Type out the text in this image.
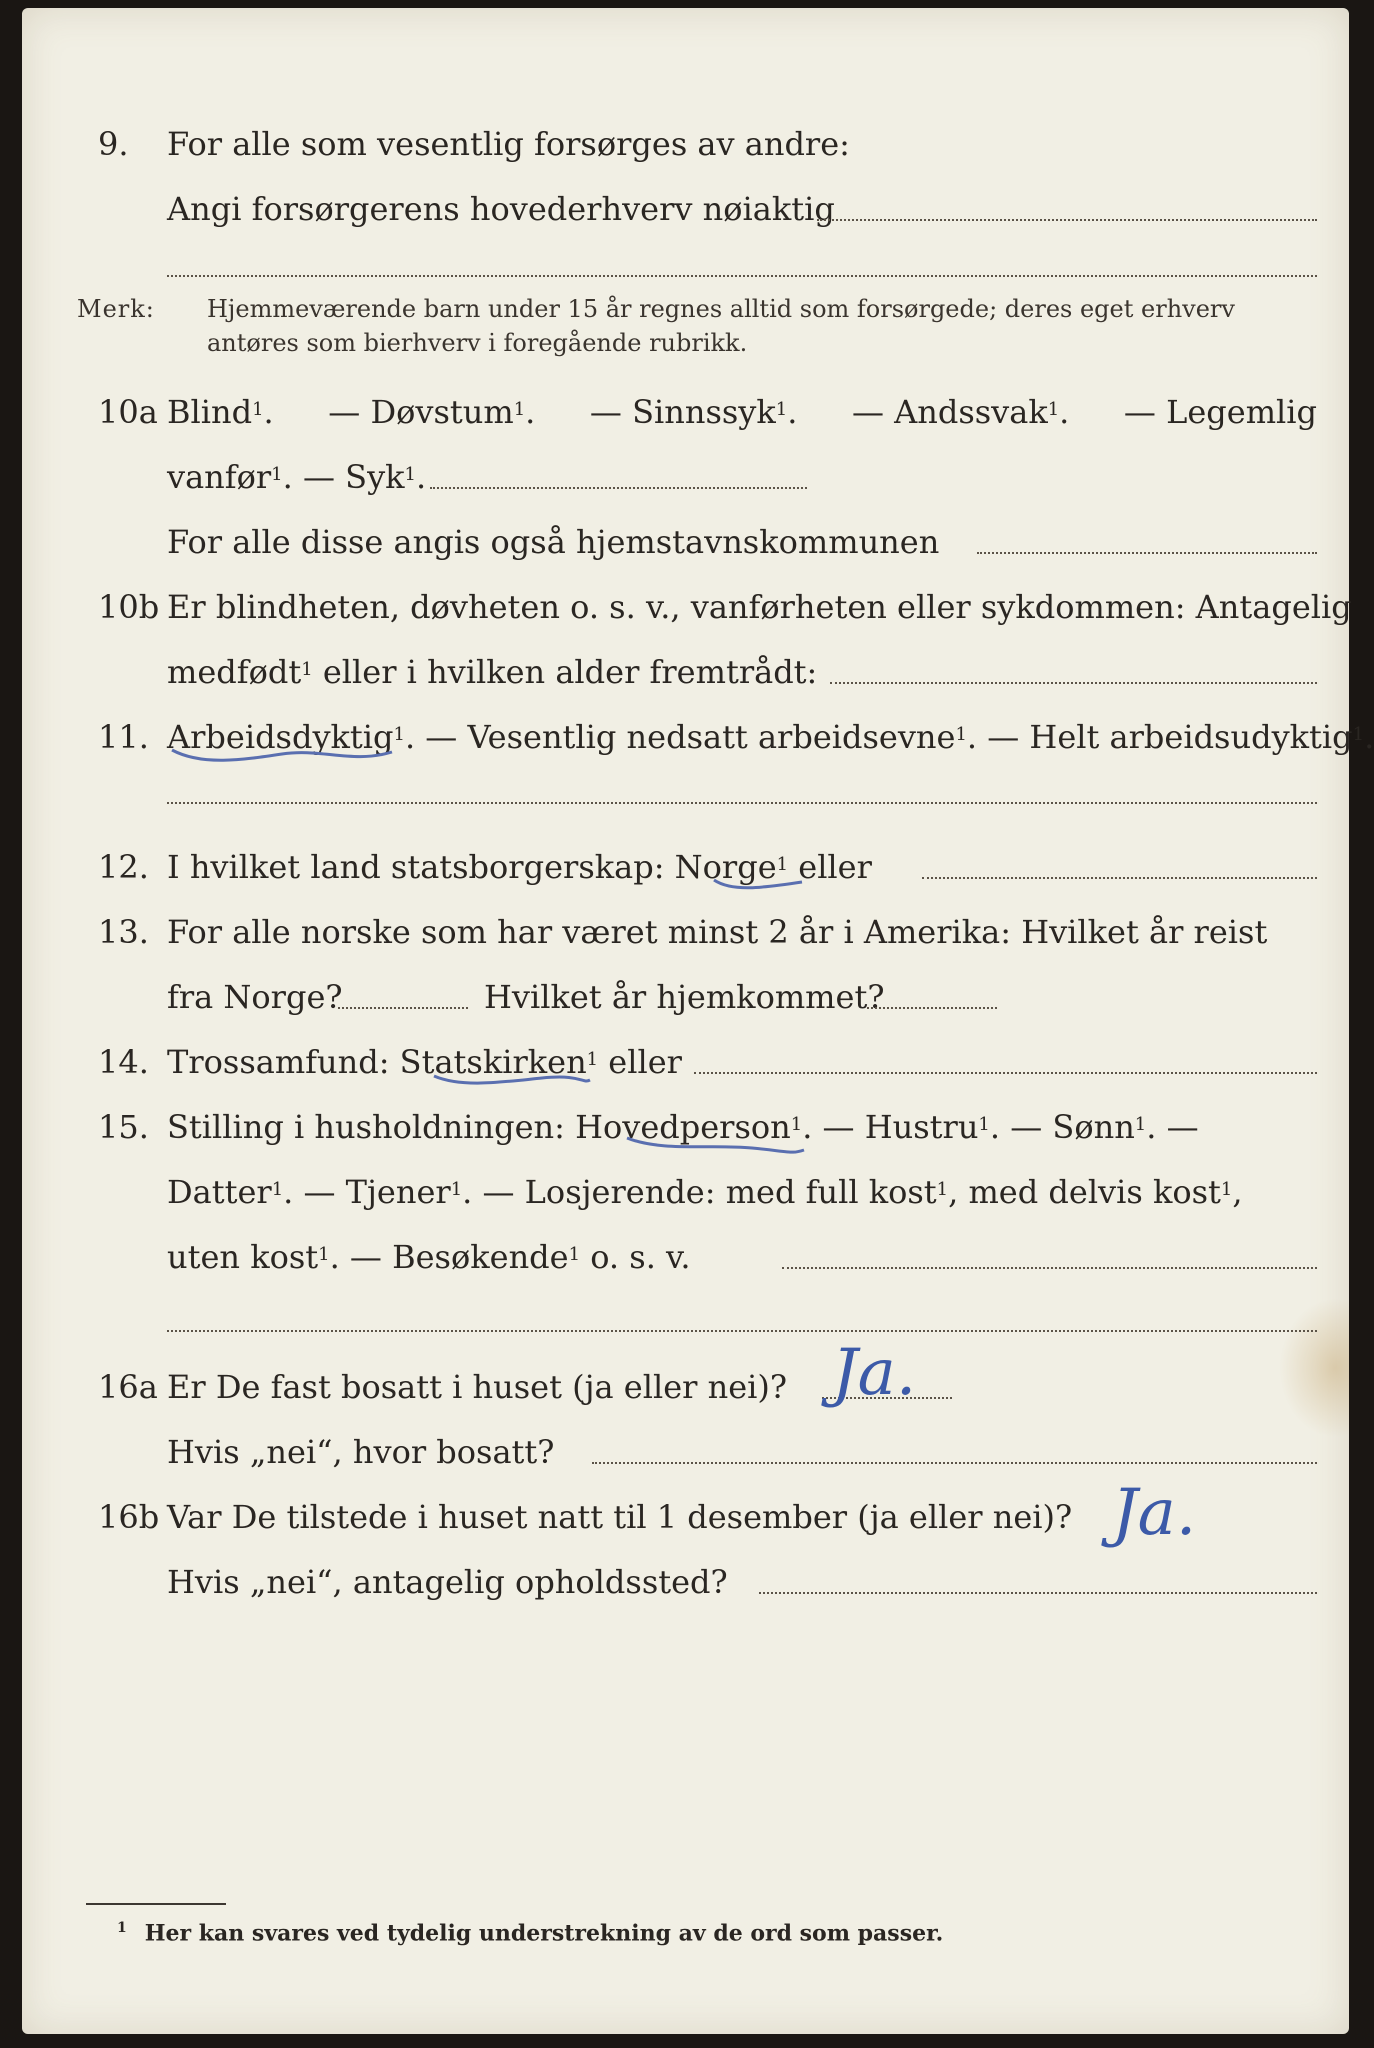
9. For alle som vesentlig forsørges av andre:
Angi forsørgerens hovederhverv nøiaktig
Merk: Hjemmeværende barn under 15 år regnes alltid som forsørgede; deres eget erhverv
antøres som bierhverv i foregående rubrikk.
10a Blind$^1$. — Døvstum$^1$. — Sinnssyk$^1$. — Andssvak$^1$. — Legemlig
vanfør$^1$. — Syk$^1$.
For alle disse angis også hjemstavnskommunen
10b Er blindheten, døvheten o. s. v., vanførheten eller sykdommen: Antagelig
medfødt$^1$ eller i hvilken alder fremtrådt:
11. Arbeidsdyktig$^1$. — Vesentlig nedsatt arbeidsevne$^1$. — Helt arbeidsudyktig$^1$.
12. I hvilket land statsborgerskap: Norge$^1$ eller
13. For alle norske som har været minst 2 år i Amerika: Hvilket år reist
fra Norge?	Hvilket år hjemkommet?
14. Trossamfund: Statskirken$^1$ eller
15. Stilling i husholdningen: Hovedperson$^1$. — Hustru$^1$. — Sønn$^1$. —
Datter$^1$. — Tjener$^1$. — Losjerende: med full kost$^1$, med delvis kost$^1$,
uten kost$^1$. — Besøkende$^1$ o. s. v.
16a Er De fast bosatt i huset (ja eller nei)?
Hvis „nei“, hvor bosatt?
16b Var De tilstede i huset natt til 1 desember (ja eller nei)?
Hvis „nei“, antagelig opholdssted?
Ja.
Ja.
$^1$ Her kan svares ved tydelig understrekning av de ord som passer.
